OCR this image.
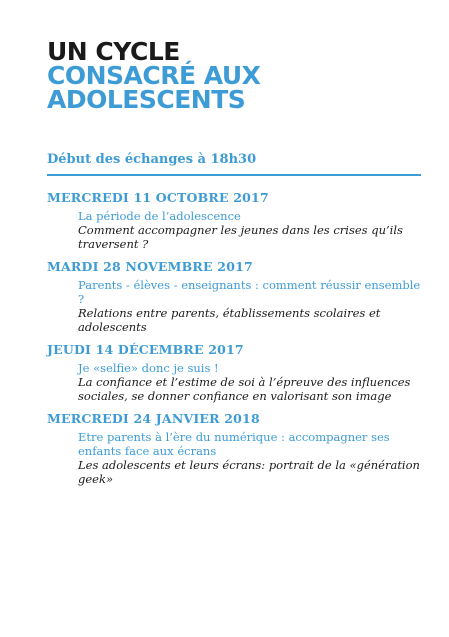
UN CYCLE
CONSACRÉ AUX
ADOLESCENTS
Début des échanges à 18h30
MERCREDI 11 OCTOBRE 2017
La période de l’adolescence
Comment accompagner les jeunes dans les crises qu’ils traversent ?
MARDI 28 NOVEMBRE 2017
Parents - élèves - enseignants : comment réussir ensemble ?
Relations entre parents, établissements scolaires et adolescents
JEUDI 14 DÉCEMBRE 2017
Je «selfie» donc je suis !
La confiance et l’estime de soi à l’épreuve des influences sociales, se donner confiance en valorisant son image
MERCREDI 24 JANVIER 2018
Etre parents à l’ère du numérique : accompagner ses enfants face aux écrans
Les adolescents et leurs écrans: portrait de la «génération geek»
